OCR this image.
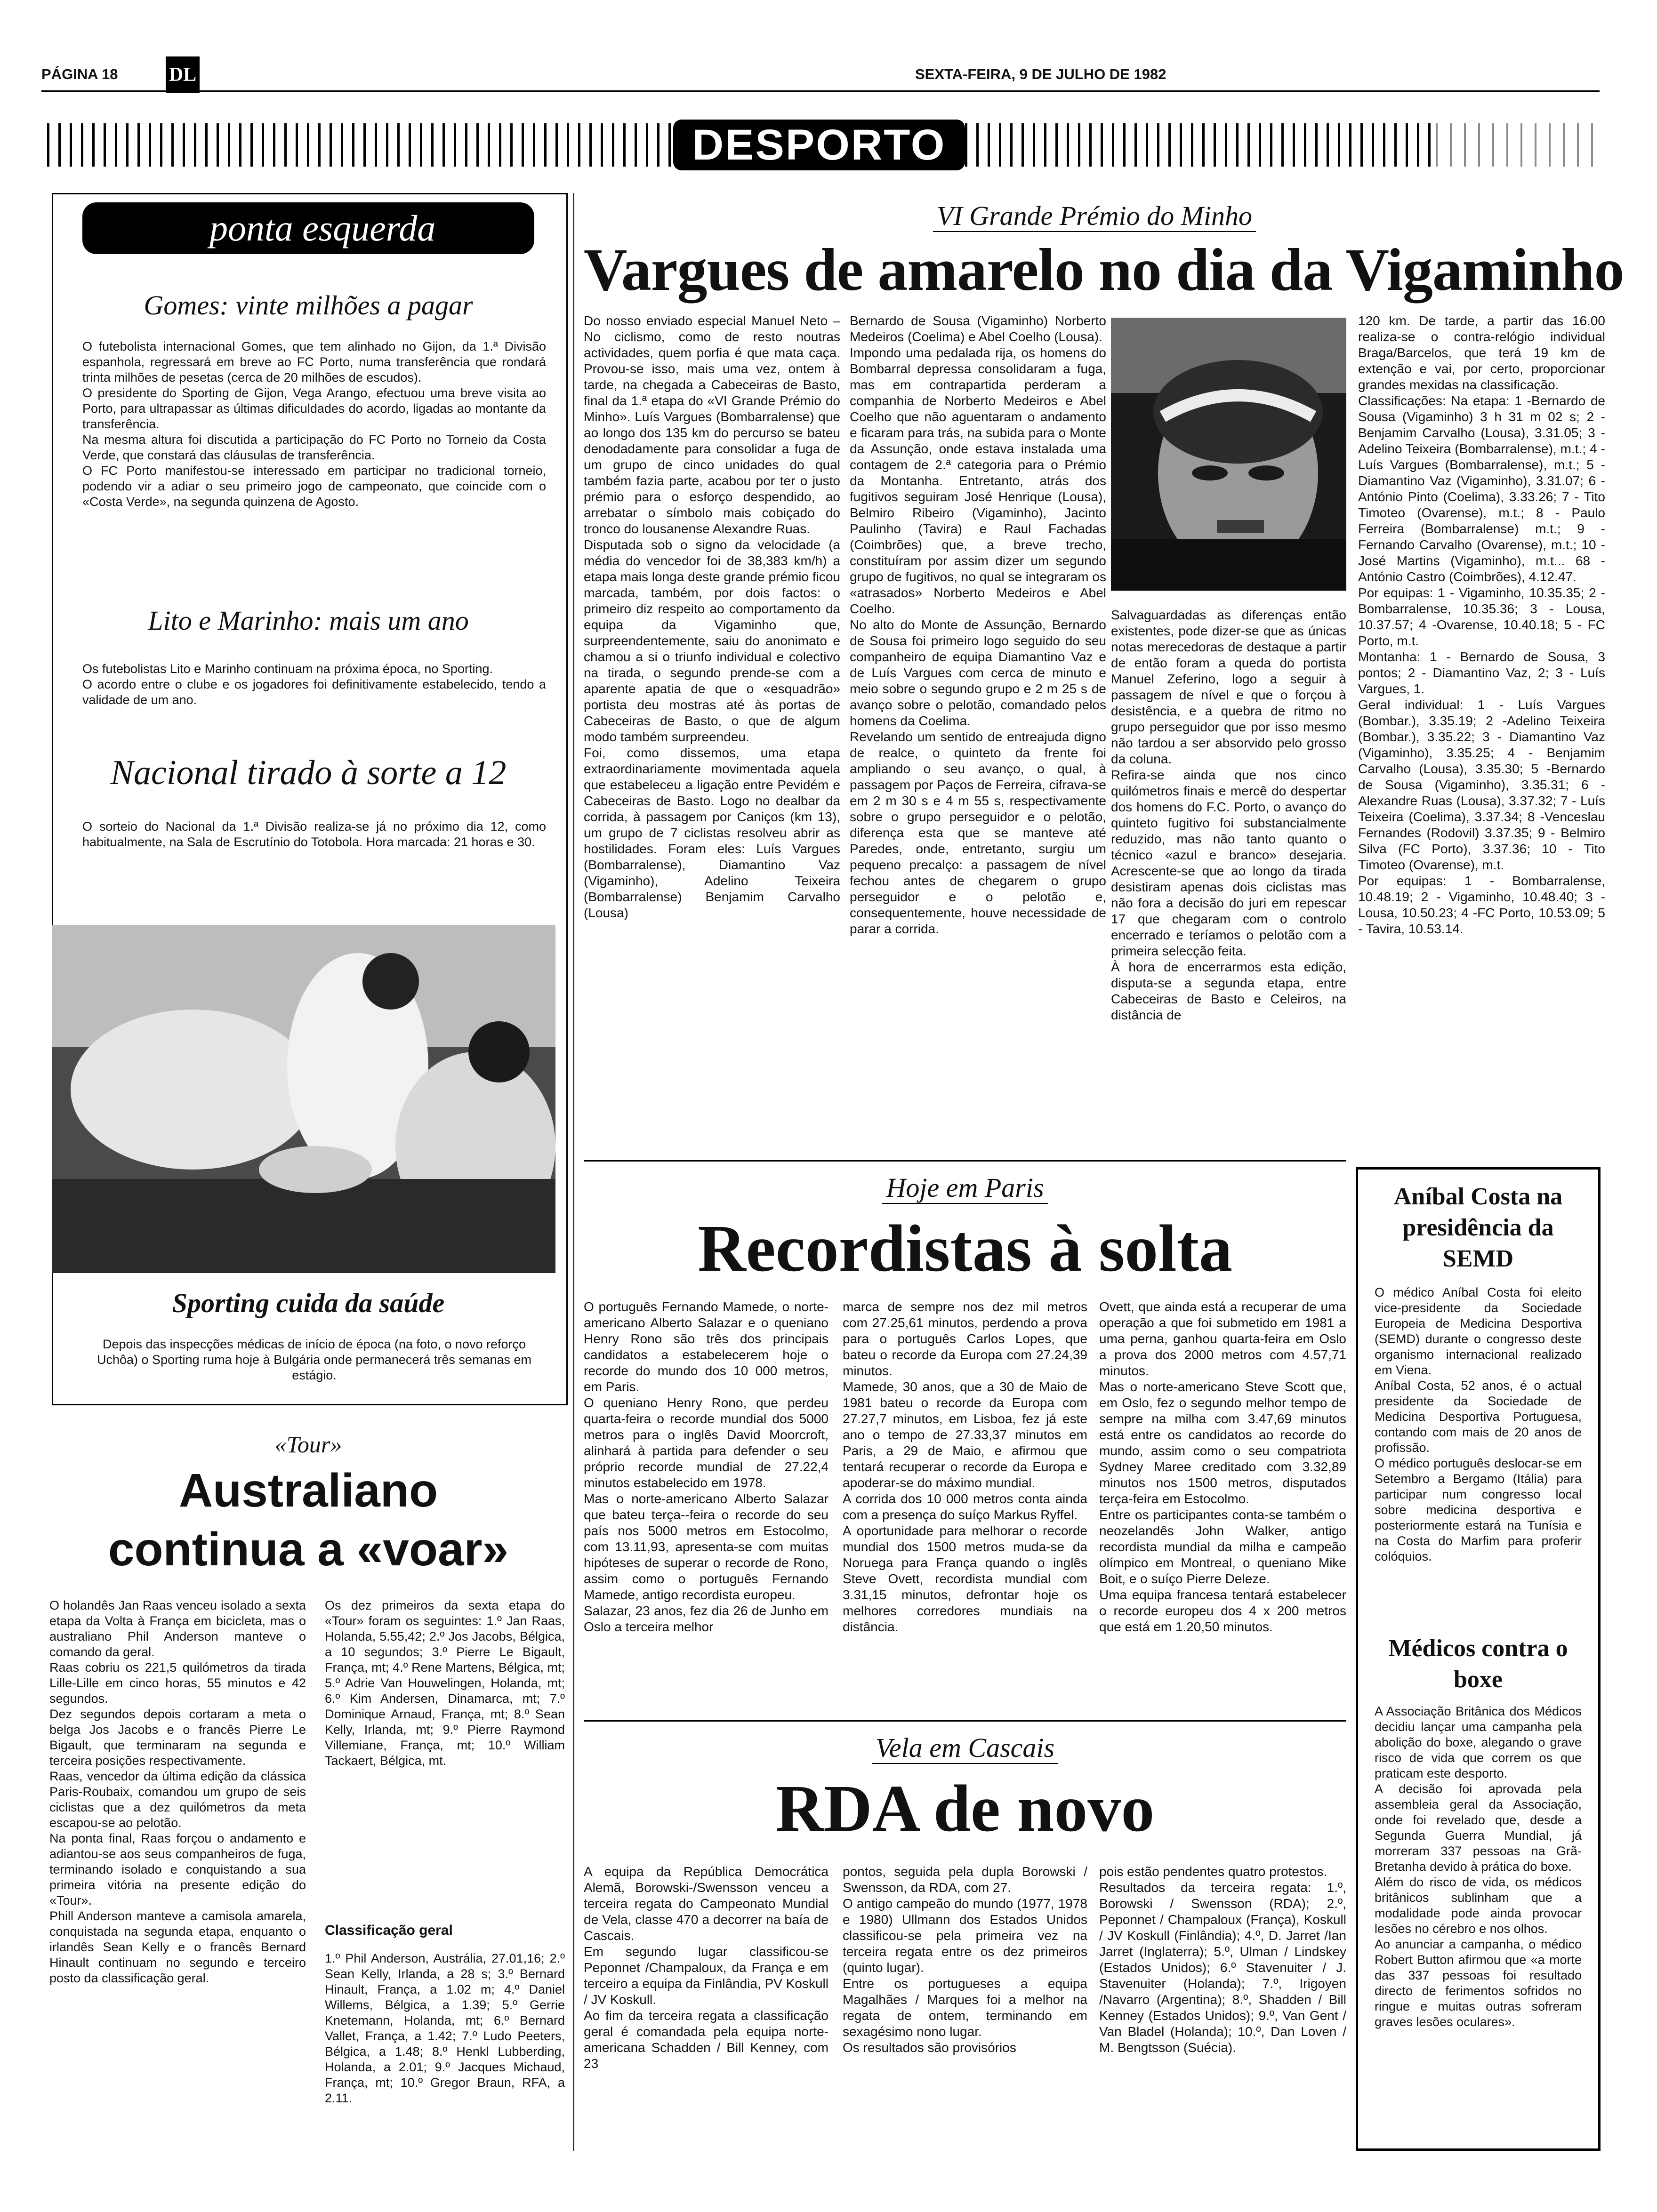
PÁGINA 18	DL	SEXTA-FEIRA, 9 DE JULHO DE 1982
DESPORTO
ponta esquerda
Gomes: vinte milhões a pagar
O futebolista internacional Gomes, que tem alinhado no Gijon, da 1.ª Divisão espanhola, regressará em breve ao FC Porto, numa transferência que rondará trinta milhões de pesetas (cerca de 20 milhões de escudos).
O presidente do Sporting de Gijon, Vega Arango, efectuou uma breve visita ao Porto, para ultrapassar as últimas dificuldades do acordo, ligadas ao montante da transferência.
Na mesma altura foi discutida a participação do FC Porto no Torneio da Costa Verde, que constará das cláusulas de transferência.
O FC Porto manifestou-se interessado em participar no tradicional torneio, podendo vir a adiar o seu primeiro jogo de campeonato, que coincide com o «Costa Verde», na segunda quinzena de Agosto.
Lito e Marinho: mais um ano
Os futebolistas Lito e Marinho continuam na próxima época, no Sporting.
O acordo entre o clube e os jogadores foi definitivamente estabelecido, tendo a validade de um ano.
Nacional tirado à sorte a 12
O sorteio do Nacional da 1.ª Divisão realiza-se já no próximo dia 12, como habitualmente, na Sala de Escrutínio do Totobola. Hora marcada: 21 horas e 30.
Sporting cuida da saúde
Depois das inspecções médicas de início de época (na foto, o novo reforço Uchôa) o Sporting ruma hoje à Bulgária onde permanecerá três semanas em estágio.
«Tour»
Australiano
continua a «voar»
O holandês Jan Raas venceu isolado a sexta etapa da Volta à França em bicicleta, mas o australiano Phil Anderson manteve o comando da geral.
Raas cobriu os 221,5 quilómetros da tirada Lille-Lille em cinco horas, 55 minutos e 42 segundos.
Dez segundos depois cortaram a meta o belga Jos Jacobs e o francês Pierre Le Bigault, que terminaram na segunda e terceira posições respectivamente.
Raas, vencedor da última edição da clássica Paris-Roubaix, comandou um grupo de seis ciclistas que a dez quilómetros da meta escapou-se ao pelotão.
Na ponta final, Raas forçou o andamento e adiantou-se aos seus companheiros de fuga, terminando isolado e conquistando a sua primeira vitória na presente edição do «Tour».
Phill Anderson manteve a camisola amarela, conquistada na segunda etapa, enquanto o irlandês Sean Kelly e o francês Bernard Hinault continuam no segundo e terceiro posto da classificação geral.
Os dez primeiros da sexta etapa do «Tour» foram os seguintes: 1.º Jan Raas, Holanda, 5.55,42; 2.º Jos Jacobs, Bélgica, a 10 segundos; 3.º Pierre Le Bigault, França, mt; 4.º Rene Martens, Bélgica, mt; 5.º Adrie Van Houwelingen, Holanda, mt; 6.º Kim Andersen, Dinamarca, mt; 7.º Dominique Arnaud, França, mt; 8.º Sean Kelly, Irlanda, mt; 9.º Pierre Raymond Villemiane, França, mt; 10.º William Tackaert, Bélgica, mt.
Classificação geral
1.º Phil Anderson, Austrália, 27.01,16; 2.º Sean Kelly, Irlanda, a 28 s; 3.º Bernard Hinault, França, a 1.02 m; 4.º Daniel Willems, Bélgica, a 1.39; 5.º Gerrie Knetemann, Holanda, mt; 6.º Bernard Vallet, França, a 1.42; 7.º Ludo Peeters, Bélgica, a 1.48; 8.º Henkl Lubberding, Holanda, a 2.01; 9.º Jacques Michaud, França, mt; 10.º Gregor Braun, RFA, a 2.11.
VI Grande Prémio do Minho
Vargues de amarelo no dia da Vigaminho
Do nosso enviado especial Manuel Neto – No ciclismo, como de resto noutras actividades, quem porfia é que mata caça. Provou-se isso, mais uma vez, ontem à tarde, na chegada a Cabeceiras de Basto, final da 1.ª etapa do «VI Grande Prémio do Minho». Luís Vargues (Bombarralense) que ao longo dos 135 km do percurso se bateu denodadamente para consolidar a fuga de um grupo de cinco unidades do qual também fazia parte, acabou por ter o justo prémio para o esforço despendido, ao arrebatar o símbolo mais cobiçado do tronco do lousanense Alexandre Ruas.
Disputada sob o signo da velocidade (a média do vencedor foi de 38,383 km/h) a etapa mais longa deste grande prémio ficou marcada, também, por dois factos: o primeiro diz respeito ao comportamento da equipa da Vigaminho que, surpreendentemente, saiu do anonimato e chamou a si o triunfo individual e colectivo na tirada, o segundo prende-se com a aparente apatia de que o «esquadrão» portista deu mostras até às portas de Cabeceiras de Basto, o que de algum modo também surpreendeu.
Foi, como dissemos, uma etapa extraordinariamente movimentada aquela que estabeleceu a ligação entre Pevidém e Cabeceiras de Basto. Logo no dealbar da corrida, à passagem por Caniços (km 13), um grupo de 7 ciclistas resolveu abrir as hostilidades. Foram eles: Luís Vargues (Bombarralense), Diamantino Vaz (Vigaminho), Adelino Teixeira (Bombarralense) Benjamim Carvalho (Lousa)
Bernardo de Sousa (Vigaminho) Norberto Medeiros (Coelima) e Abel Coelho (Lousa).
Impondo uma pedalada rija, os homens do Bombarral depressa consolidaram a fuga, mas em contrapartida perderam a companhia de Norberto Medeiros e Abel Coelho que não aguentaram o andamento e ficaram para trás, na subida para o Monte da Assunção, onde estava instalada uma contagem de 2.ª categoria para o Prémio da Montanha. Entretanto, atrás dos fugitivos seguiram José Henrique (Lousa), Belmiro Ribeiro (Vigaminho), Jacinto Paulinho (Tavira) e Raul Fachadas (Coimbrões) que, a breve trecho, constituíram por assim dizer um segundo grupo de fugitivos, no qual se integraram os «atrasados» Norberto Medeiros e Abel Coelho.
No alto do Monte de Assunção, Bernardo de Sousa foi primeiro logo seguido do seu companheiro de equipa Diamantino Vaz e de Luís Vargues com cerca de minuto e meio sobre o segundo grupo e 2 m 25 s de avanço sobre o pelotão, comandado pelos homens da Coelima.
Revelando um sentido de entreajuda digno de realce, o quinteto da frente foi ampliando o seu avanço, o qual, à passagem por Paços de Ferreira, cifrava-se em 2 m 30 s e 4 m 55 s, respectivamente sobre o grupo perseguidor e o pelotão, diferença esta que se manteve até Paredes, onde, entretanto, surgiu um pequeno precalço: a passagem de nível fechou antes de chegarem o grupo perseguidor e o pelotão e, consequentemente, houve necessidade de parar a corrida.
Salvaguardadas as diferenças então existentes, pode dizer-se que as únicas notas merecedoras de destaque a partir de então foram a queda do portista Manuel Zeferino, logo a seguir à passagem de nível e que o forçou à desistência, e a quebra de ritmo no grupo perseguidor que por isso mesmo não tardou a ser absorvido pelo grosso da coluna.
Refira-se ainda que nos cinco quilómetros finais e mercê do despertar dos homens do F.C. Porto, o avanço do quinteto fugitivo foi substancialmente reduzido, mas não tanto quanto o técnico «azul e branco» desejaria. Acrescente-se que ao longo da tirada desistiram apenas dois ciclistas mas não fora a decisão do juri em repescar 17 que chegaram com o controlo encerrado e teríamos o pelotão com a primeira selecção feita.
À hora de encerrarmos esta edição, disputa-se a segunda etapa, entre Cabeceiras de Basto e Celeiros, na distância de
120 km. De tarde, a partir das 16.00 realiza-se o contra-relógio individual Braga/Barcelos, que terá 19 km de extenção e vai, por certo, proporcionar grandes mexidas na classificação.
Classificações: Na etapa: 1 -Bernardo de Sousa (Vigaminho) 3 h 31 m 02 s; 2 - Benjamim Carvalho (Lousa), 3.31.05; 3 -Adelino Teixeira (Bombarralense), m.t.; 4 - Luís Vargues (Bombarralense), m.t.; 5 - Diamantino Vaz (Vigaminho), 3.31.07; 6 - António Pinto (Coelima), 3.33.26; 7 - Tito Timoteo (Ovarense), m.t.; 8 - Paulo Ferreira (Bombarralense) m.t.; 9 -Fernando Carvalho (Ovarense), m.t.; 10 - José Martins (Vigaminho), m.t... 68 - António Castro (Coimbrões), 4.12.47.
Por equipas: 1 - Vigaminho, 10.35.35; 2 - Bombarralense, 10.35.36; 3 - Lousa, 10.37.57; 4 -Ovarense, 10.40.18; 5 - FC Porto, m.t.
Montanha: 1 - Bernardo de Sousa, 3 pontos; 2 - Diamantino Vaz, 2; 3 - Luís Vargues, 1.
Geral individual: 1 - Luís Vargues (Bombar.), 3.35.19; 2 -Adelino Teixeira (Bombar.), 3.35.22; 3 - Diamantino Vaz (Vigaminho), 3.35.25; 4 - Benjamim Carvalho (Lousa), 3.35.30; 5 -Bernardo de Sousa (Vigaminho), 3.35.31; 6 - Alexandre Ruas (Lousa), 3.37.32; 7 - Luís Teixeira (Coelima), 3.37.34; 8 -Venceslau Fernandes (Rodovil) 3.37.35; 9 - Belmiro Silva (FC Porto), 3.37.36; 10 - Tito Timoteo (Ovarense), m.t.
Por equipas: 1 - Bombarralense, 10.48.19; 2 - Vigaminho, 10.48.40; 3 - Lousa, 10.50.23; 4 -FC Porto, 10.53.09; 5 - Tavira, 10.53.14.
Hoje em Paris
Recordistas à solta
O português Fernando Mamede, o norte-americano Alberto Salazar e o queniano Henry Rono são três dos principais candidatos a estabelecerem hoje o recorde do mundo dos 10 000 metros, em Paris.
O queniano Henry Rono, que perdeu quarta-feira o recorde mundial dos 5000 metros para o inglês David Moorcroft, alinhará à partida para defender o seu próprio recorde mundial de 27.22,4 minutos estabelecido em 1978.
Mas o norte-americano Alberto Salazar que bateu terça--feira o recorde do seu país nos 5000 metros em Estocolmo, com 13.11,93, apresenta-se com muitas hipóteses de superar o recorde de Rono, assim como o português Fernando Mamede, antigo recordista europeu.
Salazar, 23 anos, fez dia 26 de Junho em Oslo a terceira melhor
marca de sempre nos dez mil metros com 27.25,61 minutos, perdendo a prova para o português Carlos Lopes, que bateu o recorde da Europa com 27.24,39 minutos.
Mamede, 30 anos, que a 30 de Maio de 1981 bateu o recorde da Europa com 27.27,7 minutos, em Lisboa, fez já este ano o tempo de 27.33,37 minutos em Paris, a 29 de Maio, e afirmou que tentará recuperar o recorde da Europa e apoderar-se do máximo mundial.
A corrida dos 10 000 metros conta ainda com a presença do suíço Markus Ryffel.
A oportunidade para melhorar o recorde mundial dos 1500 metros muda-se da Noruega para França quando o inglês Steve Ovett, recordista mundial com 3.31,15 minutos, defrontar hoje os melhores corredores mundiais na distância.
Ovett, que ainda está a recuperar de uma operação a que foi submetido em 1981 a uma perna, ganhou quarta-feira em Oslo a prova dos 2000 metros com 4.57,71 minutos.
Mas o norte-americano Steve Scott que, em Oslo, fez o segundo melhor tempo de sempre na milha com 3.47,69 minutos está entre os candidatos ao recorde do mundo, assim como o seu compatriota Sydney Maree creditado com 3.32,89 minutos nos 1500 metros, disputados terça-feira em Estocolmo.
Entre os participantes conta-se também o neozelandês John Walker, antigo recordista mundial da milha e campeão olímpico em Montreal, o queniano Mike Boit, e o suíço Pierre Deleze.
Uma equipa francesa tentará estabelecer o recorde europeu dos 4 x 200 metros que está em 1.20,50 minutos.
Vela em Cascais
RDA de novo
A equipa da República Democrática Alemã, Borowski-/Swensson venceu a terceira regata do Campeonato Mundial de Vela, classe 470 a decorrer na baía de Cascais.
Em segundo lugar classificou-se Peponnet /Champaloux, da França e em terceiro a equipa da Finlândia, PV Koskull / JV Koskull.
Ao fim da terceira regata a classificação geral é comandada pela equipa norte-americana Schadden / Bill Kenney, com 23
pontos, seguida pela dupla Borowski / Swensson, da RDA, com 27.
O antigo campeão do mundo (1977, 1978 e 1980) Ullmann dos Estados Unidos classificou-se pela primeira vez na terceira regata entre os dez primeiros (quinto lugar).
Entre os portugueses a equipa Magalhães / Marques foi a melhor na regata de ontem, terminando em sexagésimo nono lugar.
Os resultados são provisórios
pois estão pendentes quatro protestos.
Resultados da terceira regata: 1.º, Borowski / Swensson (RDA); 2.º, Peponnet / Champaloux (França), Koskull / JV Koskull (Finlândia); 4.º, D. Jarret /Ian Jarret (Inglaterra); 5.º, Ulman / Lindskey (Estados Unidos); 6.º Stavenuiter / J. Stavenuiter (Holanda); 7.º, Irigoyen /Navarro (Argentina); 8.º, Shadden / Bill Kenney (Estados Unidos); 9.º, Van Gent / Van Bladel (Holanda); 10.º, Dan Loven / M. Bengtsson (Suécia).
Aníbal Costa na presidência da SEMD
O médico Aníbal Costa foi eleito vice-presidente da Sociedade Europeia de Medicina Desportiva (SEMD) durante o congresso deste organismo internacional realizado em Viena.
Aníbal Costa, 52 anos, é o actual presidente da Sociedade de Medicina Desportiva Portuguesa, contando com mais de 20 anos de profissão.
O médico português deslocar-se em Setembro a Bergamo (Itália) para participar num congresso local sobre medicina desportiva e posteriormente estará na Tunísia e na Costa do Marfim para proferir colóquios.
Médicos contra o boxe
A Associação Britânica dos Médicos decidiu lançar uma campanha pela abolição do boxe, alegando o grave risco de vida que correm os que praticam este desporto.
A decisão foi aprovada pela assembleia geral da Associação, onde foi revelado que, desde a Segunda Guerra Mundial, já morreram 337 pessoas na Grã-Bretanha devido à prática do boxe.
Além do risco de vida, os médicos britânicos sublinham que a modalidade pode ainda provocar lesões no cérebro e nos olhos.
Ao anunciar a campanha, o médico Robert Button afirmou que «a morte das 337 pessoas foi resultado directo de ferimentos sofridos no ringue e muitas outras sofreram graves lesões oculares».
